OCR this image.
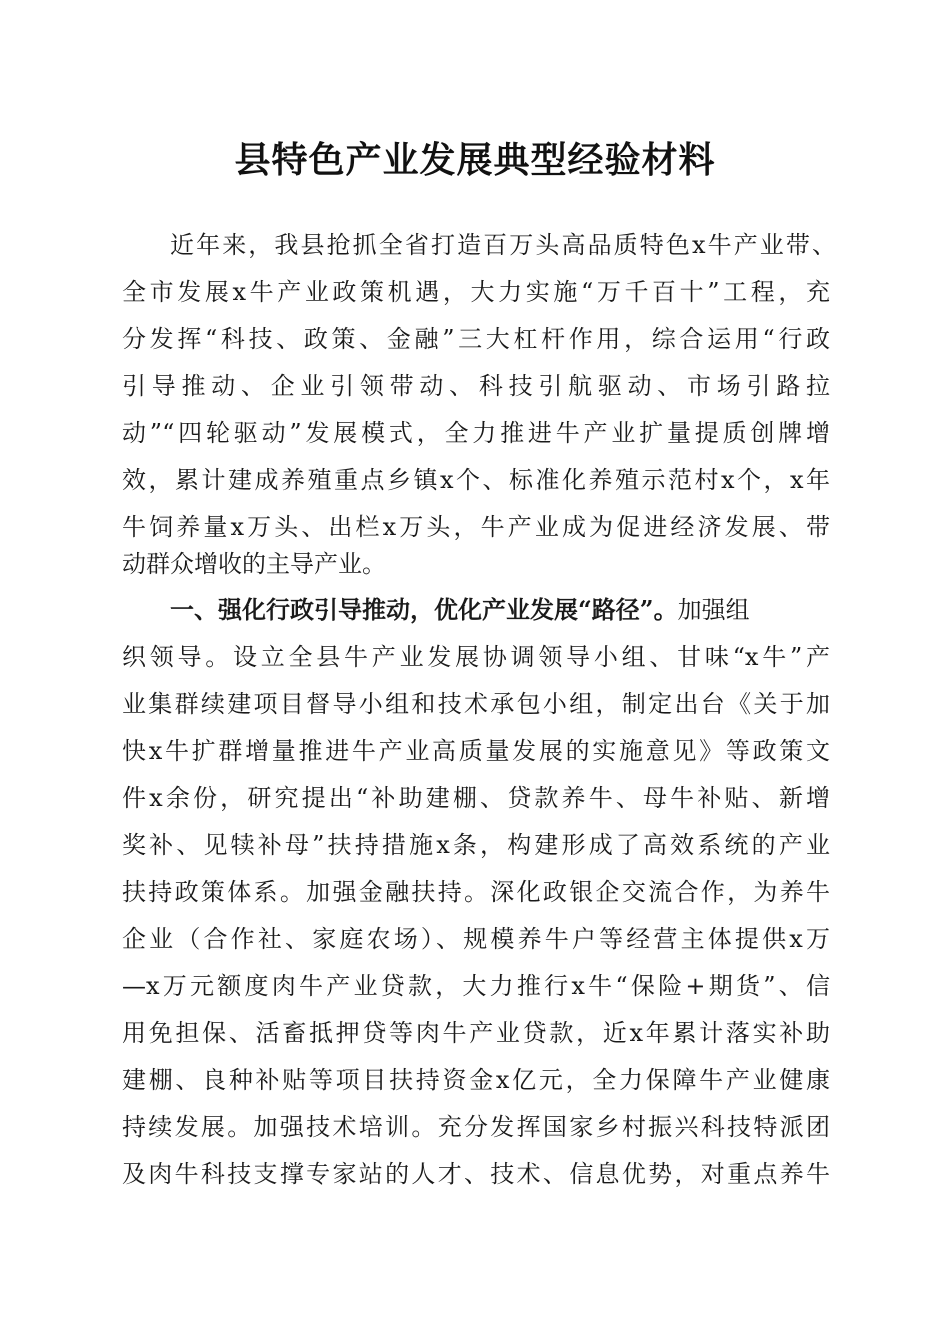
县特色产业发展典型经验材料
近年来，我县抢抓全省打造百万头高品质特色x牛产业带、
全市发展x牛产业政策机遇，大力实施“万千百十”工程，充
分发挥“科技、政策、金融”三大杠杆作用，综合运用“行政
引导推动、企业引领带动、科技引航驱动、市场引路拉
动”“四轮驱动”发展模式，全力推进牛产业扩量提质创牌增
效，累计建成养殖重点乡镇x个、标准化养殖示范村x个，x年
牛饲养量x万头、出栏x万头，牛产业成为促进经济发展、带
动群众增收的主导产业。
一、强化行政引导推动，优化产业发展“路径”。加强组
织领导。设立全县牛产业发展协调领导小组、甘味“x牛”产
业集群续建项目督导小组和技术承包小组，制定出台《关于加
快x牛扩群增量推进牛产业高质量发展的实施意见》等政策文
件x余份，研究提出“补助建棚、贷款养牛、母牛补贴、新增
奖补、见犊补母”扶持措施x条，构建形成了高效系统的产业
扶持政策体系。加强金融扶持。深化政银企交流合作，为养牛
企业（合作社、家庭农场）、规模养牛户等经营主体提供x万
—x万元额度肉牛产业贷款，大力推行x牛“保险+期货”、信
用免担保、活畜抵押贷等肉牛产业贷款，近x年累计落实补助
建棚、良种补贴等项目扶持资金x亿元，全力保障牛产业健康
持续发展。加强技术培训。充分发挥国家乡村振兴科技特派团
及肉牛科技支撑专家站的人才、技术、信息优势，对重点养牛
